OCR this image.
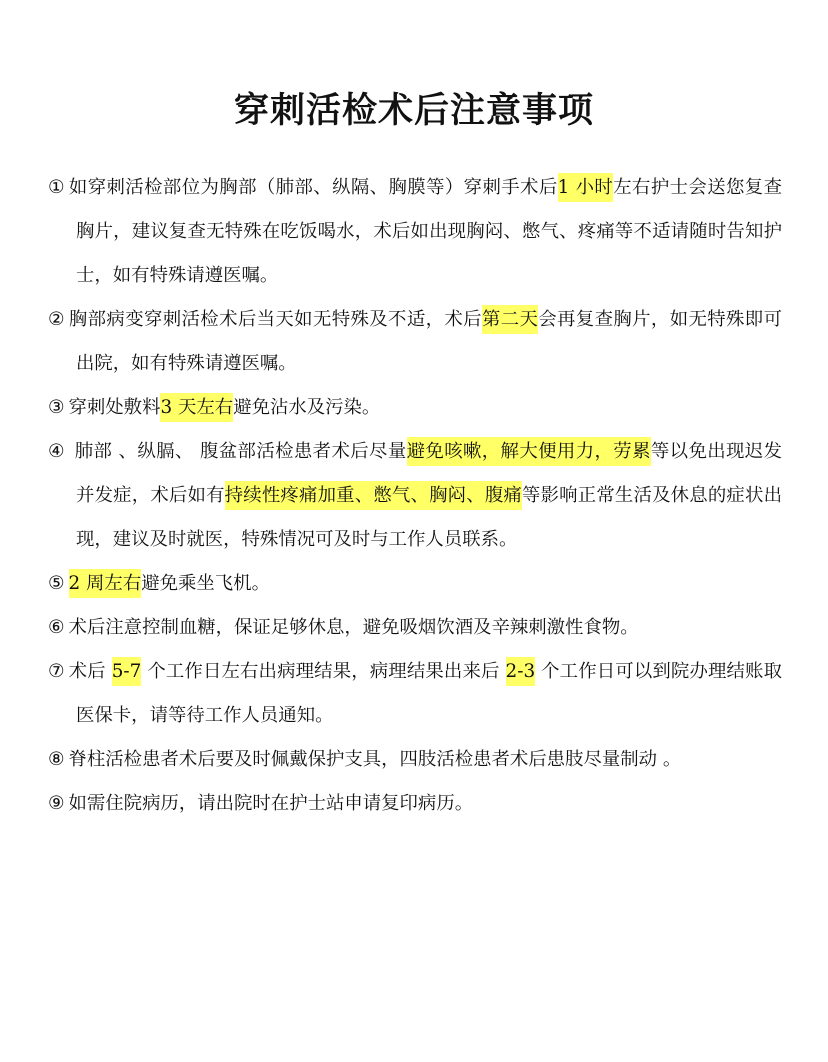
穿刺活检术后注意事项

① 如穿刺活检部位为胸部（肺部、纵隔、胸膜等）穿刺手术后1 小时左右护士会送您复查胸片，建议复查无特殊在吃饭喝水，术后如出现胸闷、憋气、疼痛等不适请随时告知护士，如有特殊请遵医嘱。

② 胸部病变穿刺活检术后当天如无特殊及不适，术后第二天会再复查胸片，如无特殊即可出院，如有特殊请遵医嘱。

③ 穿刺处敷料3 天左右避免沾水及污染。

④ 肺部 、纵膈、 腹盆部活检患者术后尽量避免咳嗽，解大便用力，劳累等以免出现迟发并发症，术后如有持续性疼痛加重、憋气、胸闷、腹痛等影响正常生活及休息的症状出现，建议及时就医，特殊情况可及时与工作人员联系。

⑤ 2 周左右避免乘坐飞机。

⑥ 术后注意控制血糖，保证足够休息，避免吸烟饮酒及辛辣刺激性食物。

⑦ 术后 5-7 个工作日左右出病理结果，病理结果出来后 2-3 个工作日可以到院办理结账取医保卡，请等待工作人员通知。

⑧ 脊柱活检患者术后要及时佩戴保护支具，四肢活检患者术后患肢尽量制动 。

⑨ 如需住院病历，请出院时在护士站申请复印病历。
